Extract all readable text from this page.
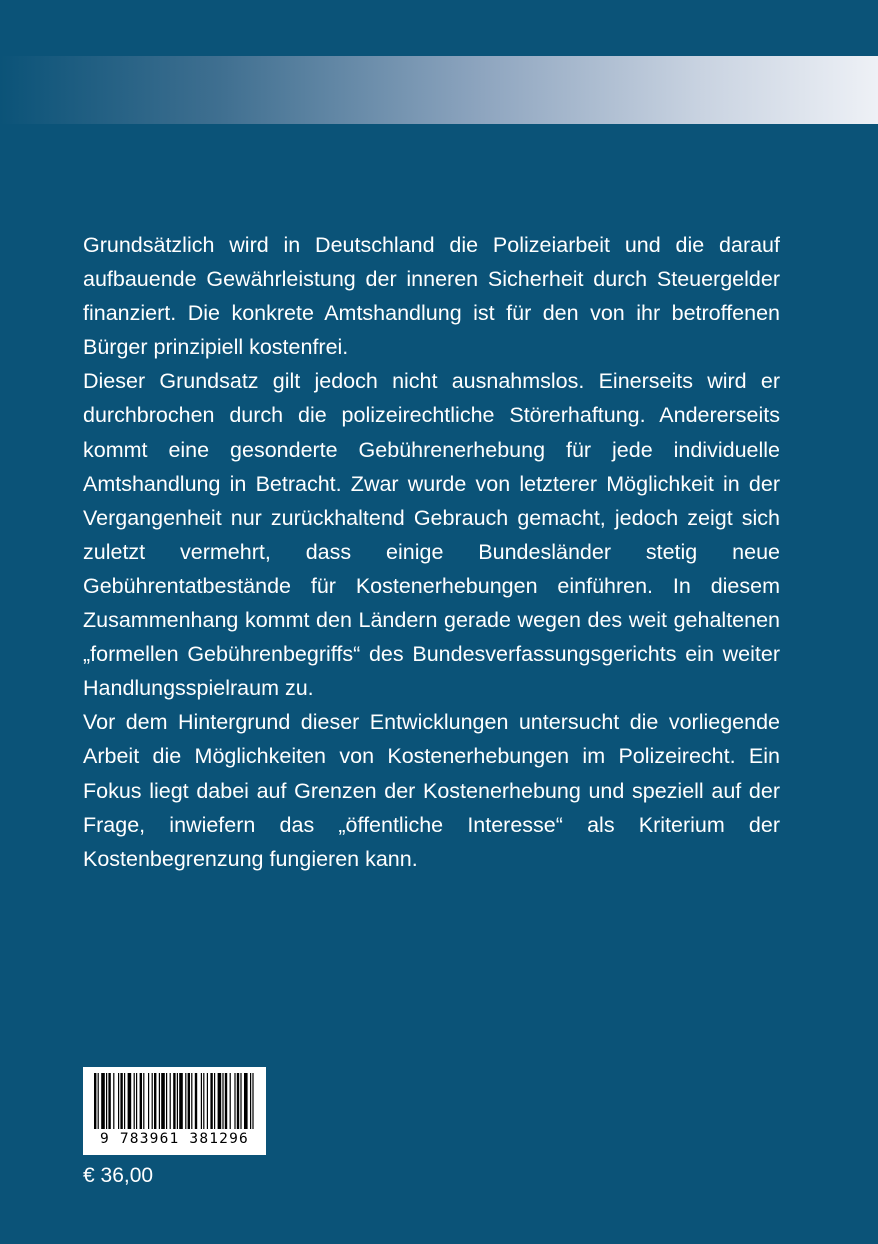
Grundsätzlich wird in Deutschland die Polizeiarbeit und die darauf aufbauende Gewährleistung der inneren Sicherheit durch Steuergelder finanziert. Die konkrete Amtshandlung ist für den von ihr betroffenen Bürger prinzipiell kostenfrei.

Dieser Grundsatz gilt jedoch nicht ausnahmslos. Einerseits wird er durchbrochen durch die polizeirechtliche Störerhaftung. Andererseits kommt eine gesonderte Gebührenerhebung für jede individuelle Amtshandlung in Betracht. Zwar wurde von letzterer Möglichkeit in der Vergangenheit nur zurückhaltend Gebrauch gemacht, jedoch zeigt sich zuletzt vermehrt, dass einige Bundesländer stetig neue Gebührentatbestände für Kostenerhebungen einführen. In diesem Zusammenhang kommt den Ländern gerade wegen des weit gehaltenen „formellen Gebührenbegriffs“ des Bundesverfassungsgerichts ein weiter Handlungsspielraum zu.

Vor dem Hintergrund dieser Entwicklungen untersucht die vorliegende Arbeit die Möglichkeiten von Kostenerhebungen im Polizeirecht. Ein Fokus liegt dabei auf Grenzen der Kostenerhebung und speziell auf der Frage, inwiefern das „öffentliche Interesse“ als Kriterium der Kostenbegrenzung fungieren kann.

9 783961 381296
€ 36,00
